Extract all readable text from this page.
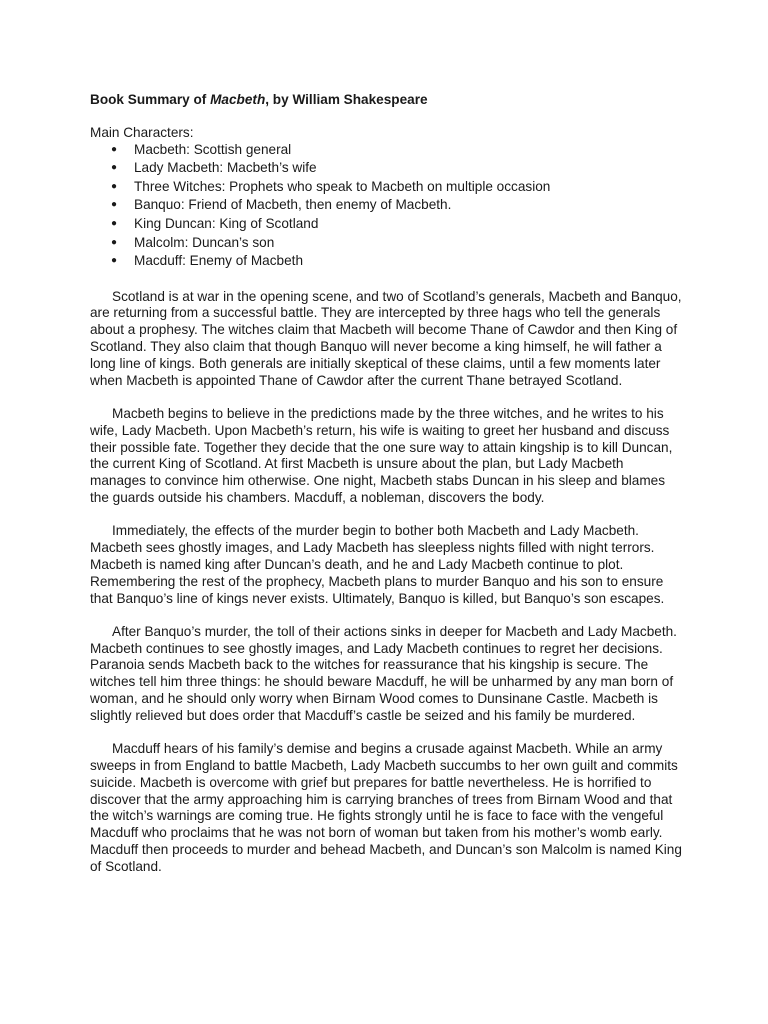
Book Summary of Macbeth, by William Shakespeare
Main Characters:
● Macbeth: Scottish general
● Lady Macbeth: Macbeth’s wife
● Three Witches: Prophets who speak to Macbeth on multiple occasion
● Banquo: Friend of Macbeth, then enemy of Macbeth.
● King Duncan: King of Scotland
● Malcolm: Duncan’s son
● Macduff: Enemy of Macbeth

Scotland is at war in the opening scene, and two of Scotland’s generals, Macbeth and Banquo, are returning from a successful battle. They are intercepted by three hags who tell the generals about a prophesy. The witches claim that Macbeth will become Thane of Cawdor and then King of Scotland. They also claim that though Banquo will never become a king himself, he will father a long line of kings. Both generals are initially skeptical of these claims, until a few moments later when Macbeth is appointed Thane of Cawdor after the current Thane betrayed Scotland.

Macbeth begins to believe in the predictions made by the three witches, and he writes to his wife, Lady Macbeth. Upon Macbeth’s return, his wife is waiting to greet her husband and discuss their possible fate. Together they decide that the one sure way to attain kingship is to kill Duncan, the current King of Scotland. At first Macbeth is unsure about the plan, but Lady Macbeth manages to convince him otherwise. One night, Macbeth stabs Duncan in his sleep and blames the guards outside his chambers. Macduff, a nobleman, discovers the body.

Immediately, the effects of the murder begin to bother both Macbeth and Lady Macbeth. Macbeth sees ghostly images, and Lady Macbeth has sleepless nights filled with night terrors. Macbeth is named king after Duncan’s death, and he and Lady Macbeth continue to plot. Remembering the rest of the prophecy, Macbeth plans to murder Banquo and his son to ensure that Banquo’s line of kings never exists. Ultimately, Banquo is killed, but Banquo’s son escapes.

After Banquo’s murder, the toll of their actions sinks in deeper for Macbeth and Lady Macbeth. Macbeth continues to see ghostly images, and Lady Macbeth continues to regret her decisions. Paranoia sends Macbeth back to the witches for reassurance that his kingship is secure. The witches tell him three things: he should beware Macduff, he will be unharmed by any man born of woman, and he should only worry when Birnam Wood comes to Dunsinane Castle. Macbeth is slightly relieved but does order that Macduff’s castle be seized and his family be murdered.

Macduff hears of his family’s demise and begins a crusade against Macbeth. While an army sweeps in from England to battle Macbeth, Lady Macbeth succumbs to her own guilt and commits suicide. Macbeth is overcome with grief but prepares for battle nevertheless. He is horrified to discover that the army approaching him is carrying branches of trees from Birnam Wood and that the witch’s warnings are coming true. He fights strongly until he is face to face with the vengeful Macduff who proclaims that he was not born of woman but taken from his mother’s womb early. Macduff then proceeds to murder and behead Macbeth, and Duncan’s son Malcolm is named King of Scotland.
